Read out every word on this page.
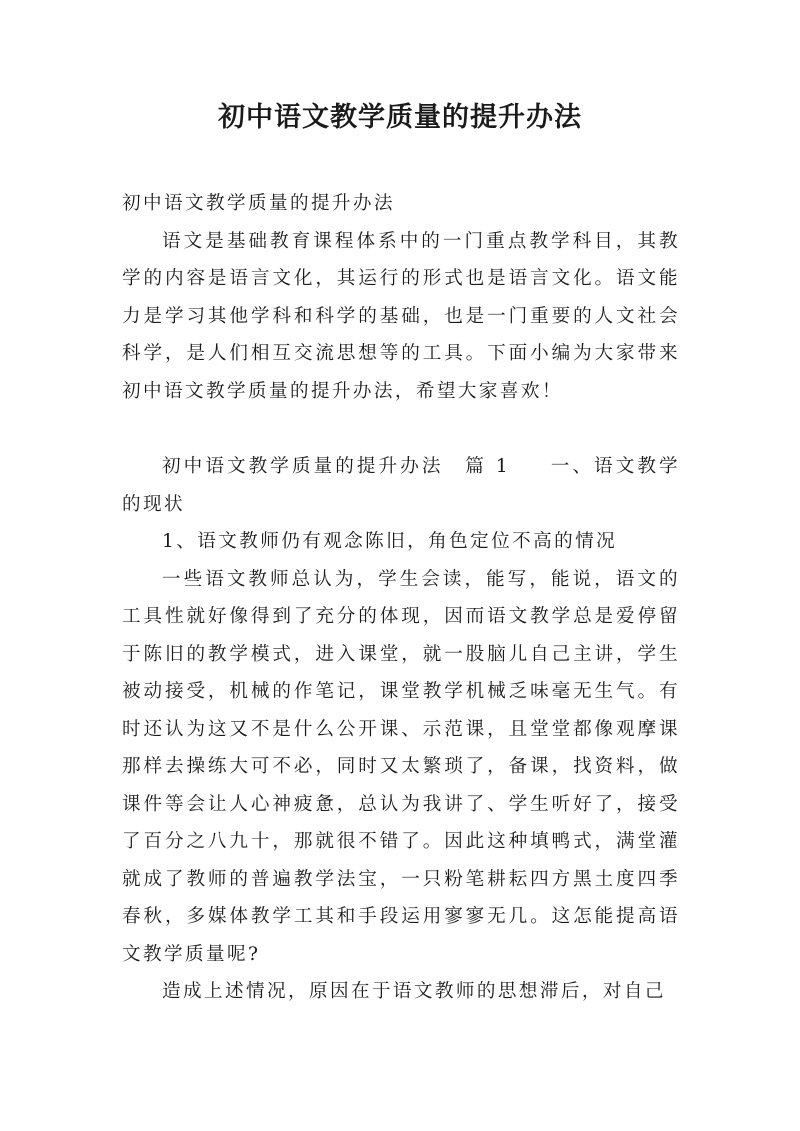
初中语文教学质量的提升办法

初中语文教学质量的提升办法

语文是基础教育课程体系中的一门重点教学科目，其教学的内容是语言文化，其运行的形式也是语言文化。语文能力是学习其他学科和科学的基础，也是一门重要的人文社会科学，是人们相互交流思想等的工具。下面小编为大家带来初中语文教学质量的提升办法，希望大家喜欢！

初中语文教学质量的提升办法　篇 1 一、语文教学的现状

1、语文教师仍有观念陈旧，角色定位不高的情况

一些语文教师总认为，学生会读，能写，能说，语文的工具性就好像得到了充分的体现，因而语文教学总是爱停留于陈旧的教学模式，进入课堂，就一股脑儿自己主讲，学生被动接受，机械的作笔记，课堂教学机械乏味毫无生气。有时还认为这又不是什么公开课、示范课，且堂堂都像观摩课那样去操练大可不必，同时又太繁琐了，备课，找资料，做课件等会让人心神疲惫，总认为我讲了、学生听好了，接受了百分之八九十，那就很不错了。因此这种填鸭式，满堂灌就成了教师的普遍教学法宝，一只粉笔耕耘四方黑土度四季春秋，多媒体教学工其和手段运用寥寥无几。这怎能提高语文教学质量呢?

造成上述情况，原因在于语文教师的思想滞后，对自己
